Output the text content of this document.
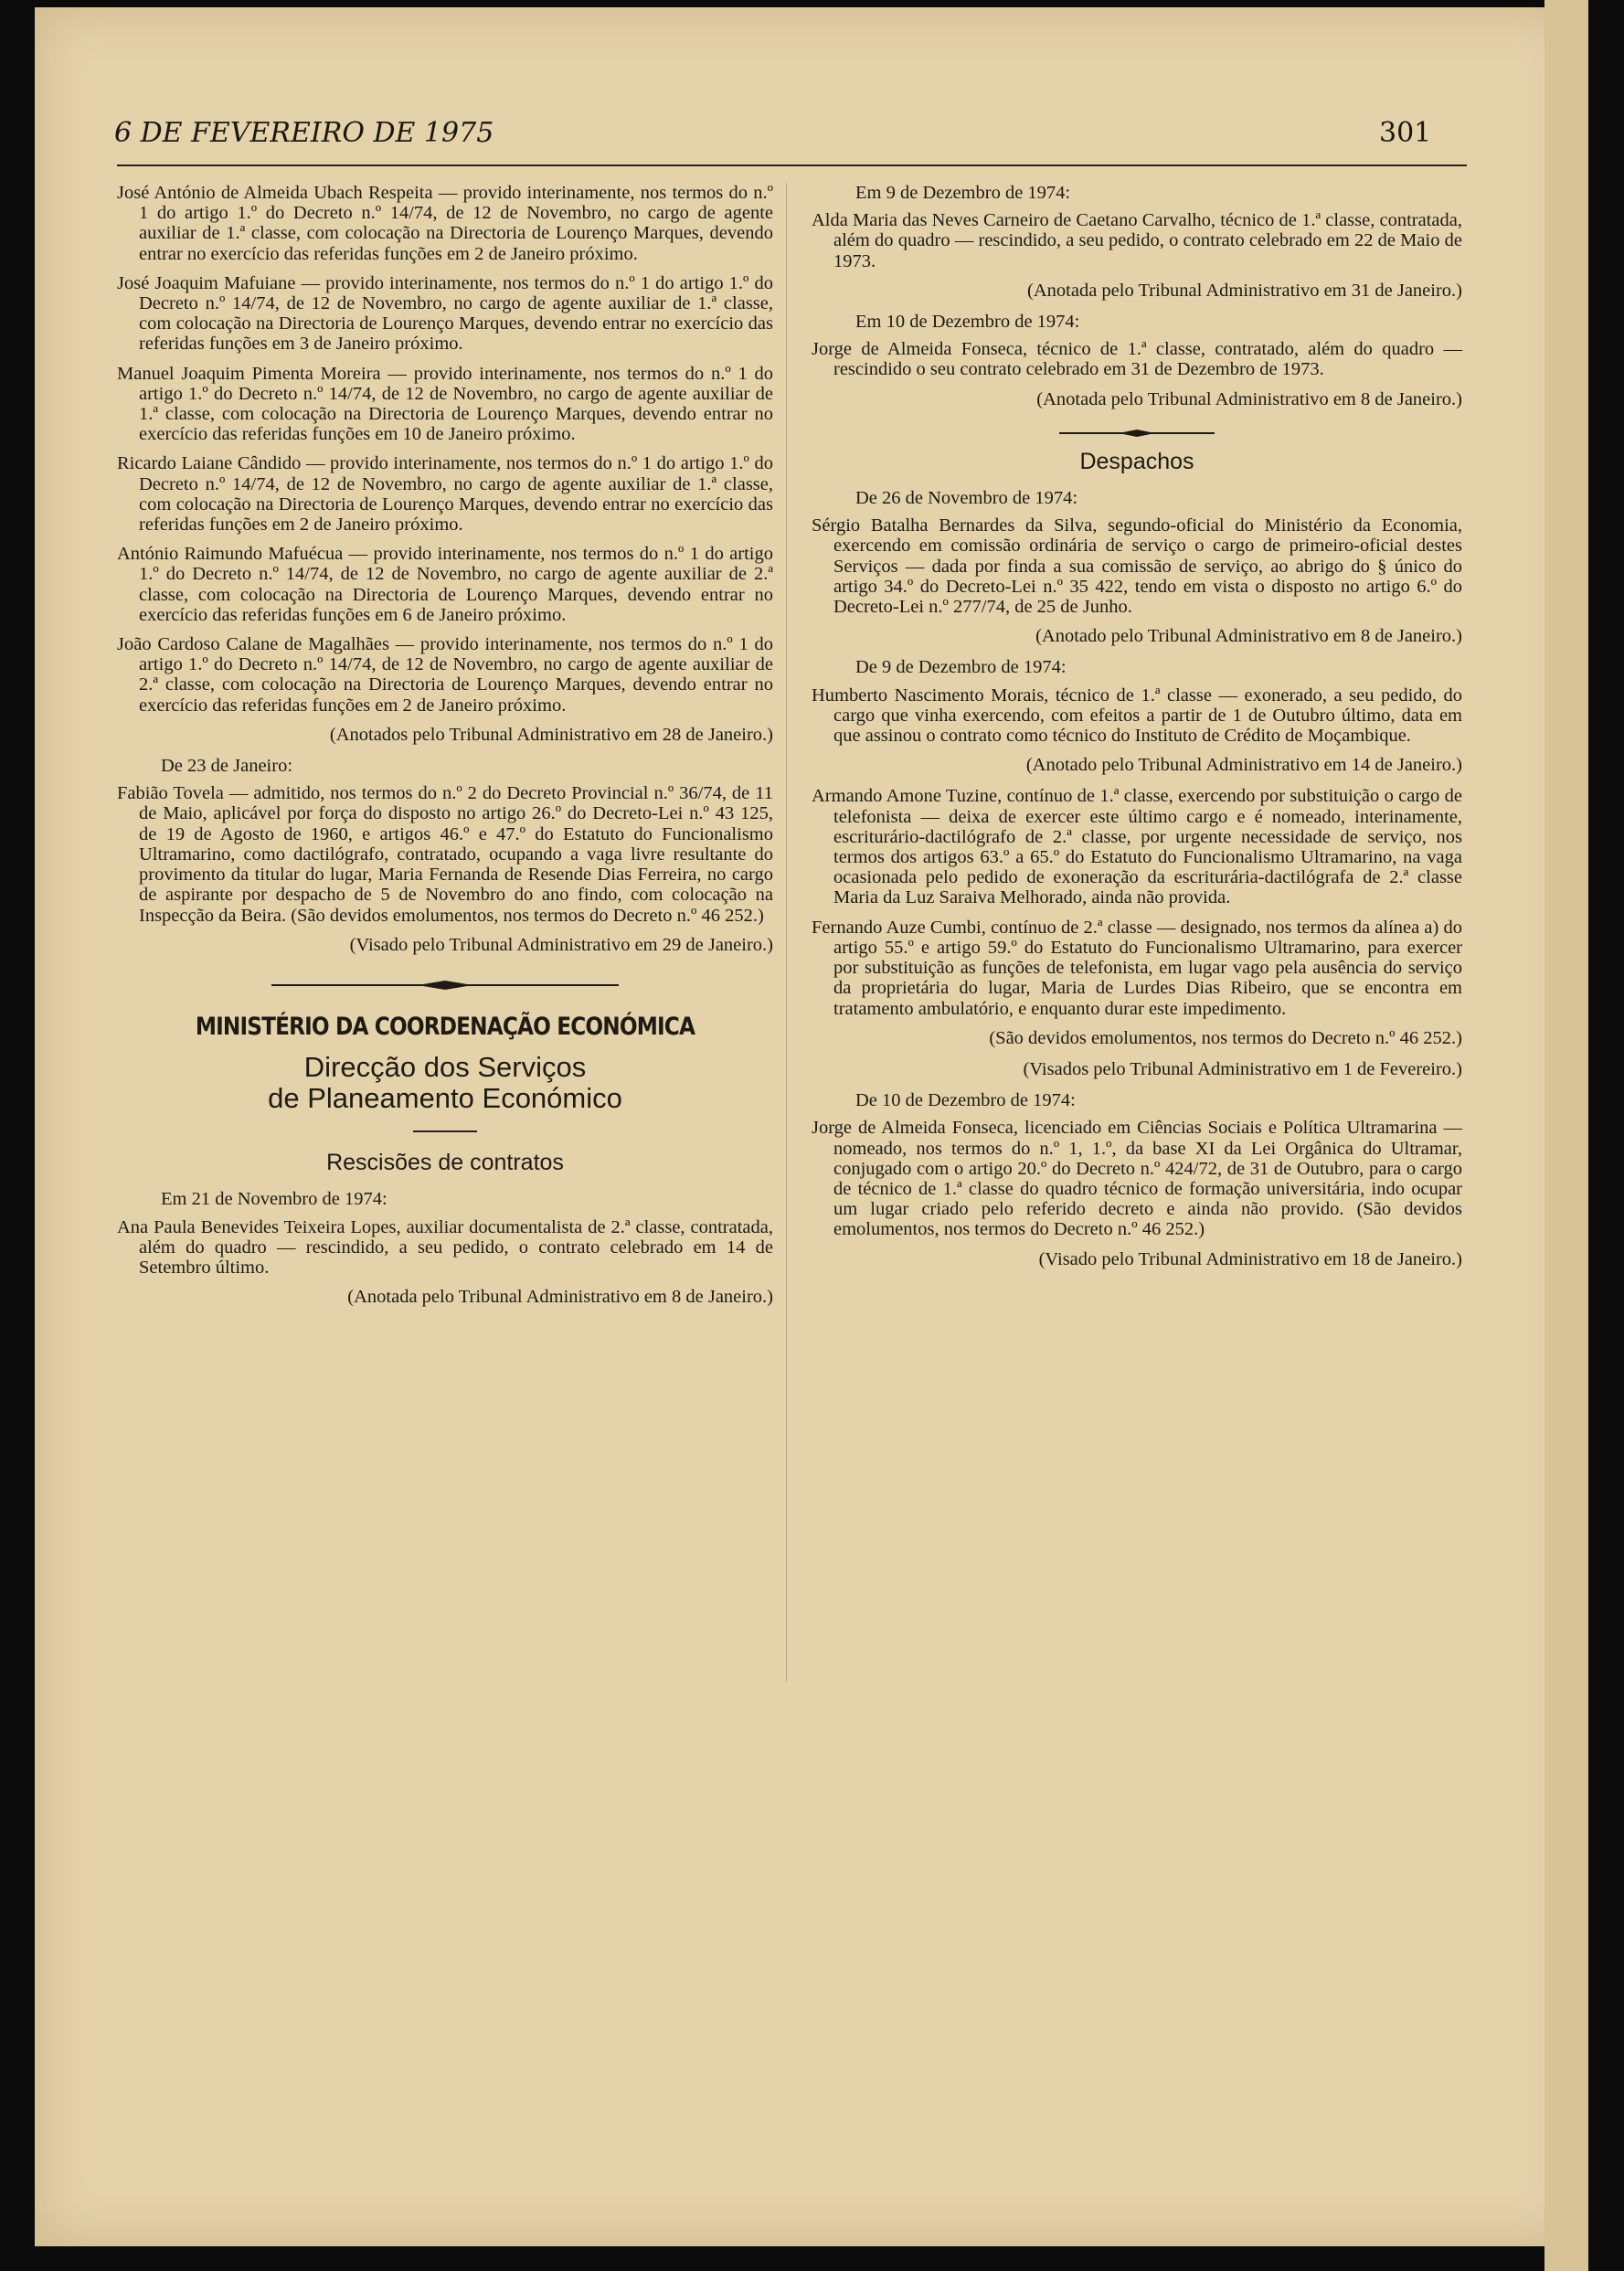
6 DE FEVEREIRO DE 1975	301

José António de Almeida Ubach Respeita — provido interinamente, nos termos do n.º 1 do artigo 1.º do Decreto n.º 14/74, de 12 de Novembro, no cargo de agente auxiliar de 1.ª classe, com colocação na Directoria de Lourenço Marques, devendo entrar no exercício das referidas funções em 2 de Janeiro próximo.

José Joaquim Mafuiane — provido interinamente, nos termos do n.º 1 do artigo 1.º do Decreto n.º 14/74, de 12 de Novembro, no cargo de agente auxiliar de 1.ª classe, com colocação na Directoria de Lourenço Marques, devendo entrar no exercício das referidas funções em 3 de Janeiro próximo.

Manuel Joaquim Pimenta Moreira — provido interinamente, nos termos do n.º 1 do artigo 1.º do Decreto n.º 14/74, de 12 de Novembro, no cargo de agente auxiliar de 1.ª classe, com colocação na Directoria de Lourenço Marques, devendo entrar no exercício das referidas funções em 10 de Janeiro próximo.

Ricardo Laiane Cândido — provido interinamente, nos termos do n.º 1 do artigo 1.º do Decreto n.º 14/74, de 12 de Novembro, no cargo de agente auxiliar de 1.ª classe, com colocação na Directoria de Lourenço Marques, devendo entrar no exercício das referidas funções em 2 de Janeiro próximo.

António Raimundo Mafuécua — provido interinamente, nos termos do n.º 1 do artigo 1.º do Decreto n.º 14/74, de 12 de Novembro, no cargo de agente auxiliar de 2.ª classe, com colocação na Directoria de Lourenço Marques, devendo entrar no exercício das referidas funções em 6 de Janeiro próximo.

João Cardoso Calane de Magalhães — provido interinamente, nos termos do n.º 1 do artigo 1.º do Decreto n.º 14/74, de 12 de Novembro, no cargo de agente auxiliar de 2.ª classe, com colocação na Directoria de Lourenço Marques, devendo entrar no exercício das referidas funções em 2 de Janeiro próximo.

(Anotados pelo Tribunal Administrativo em 28 de Janeiro.)

De 23 de Janeiro:

Fabião Tovela — admitido, nos termos do n.º 2 do Decreto Provincial n.º 36/74, de 11 de Maio, aplicável por força do disposto no artigo 26.º do Decreto-Lei n.º 43 125, de 19 de Agosto de 1960, e artigos 46.º e 47.º do Estatuto do Funcionalismo Ultramarino, como dactilógrafo, contratado, ocupando a vaga livre resultante do provimento da titular do lugar, Maria Fernanda de Resende Dias Ferreira, no cargo de aspirante por despacho de 5 de Novembro do ano findo, com colocação na Inspecção da Beira. (São devidos emolumentos, nos termos do Decreto n.º 46 252.)

(Visado pelo Tribunal Administrativo em 29 de Janeiro.)

MINISTÉRIO DA COORDENAÇÃO ECONÓMICA

Direcção dos Serviços

de Planeamento Económico

Rescisões de contratos

Em 21 de Novembro de 1974:

Ana Paula Benevides Teixeira Lopes, auxiliar documentalista de 2.ª classe, contratada, além do quadro — rescindido, a seu pedido, o contrato celebrado em 14 de Setembro último.

(Anotada pelo Tribunal Administrativo em 8 de Janeiro.)

Em 9 de Dezembro de 1974:

Alda Maria das Neves Carneiro de Caetano Carvalho, técnico de 1.ª classe, contratada, além do quadro — rescindido, a seu pedido, o contrato celebrado em 22 de Maio de 1973.

(Anotada pelo Tribunal Administrativo em 31 de Janeiro.)

Em 10 de Dezembro de 1974:

Jorge de Almeida Fonseca, técnico de 1.ª classe, contratado, além do quadro — rescindido o seu contrato celebrado em 31 de Dezembro de 1973.

(Anotada pelo Tribunal Administrativo em 8 de Janeiro.)

Despachos

De 26 de Novembro de 1974:

Sérgio Batalha Bernardes da Silva, segundo-oficial do Ministério da Economia, exercendo em comissão ordinária de serviço o cargo de primeiro-oficial destes Serviços — dada por finda a sua comissão de serviço, ao abrigo do § único do artigo 34.º do Decreto-Lei n.º 35 422, tendo em vista o disposto no artigo 6.º do Decreto-Lei n.º 277/74, de 25 de Junho.

(Anotado pelo Tribunal Administrativo em 8 de Janeiro.)

De 9 de Dezembro de 1974:

Humberto Nascimento Morais, técnico de 1.ª classe — exonerado, a seu pedido, do cargo que vinha exercendo, com efeitos a partir de 1 de Outubro último, data em que assinou o contrato como técnico do Instituto de Crédito de Moçambique.

(Anotado pelo Tribunal Administrativo em 14 de Janeiro.)

Armando Amone Tuzine, contínuo de 1.ª classe, exercendo por substituição o cargo de telefonista — deixa de exercer este último cargo e é nomeado, interinamente, escriturário-dactilógrafo de 2.ª classe, por urgente necessidade de serviço, nos termos dos artigos 63.º a 65.º do Estatuto do Funcionalismo Ultramarino, na vaga ocasionada pelo pedido de exoneração da escriturária-dactilógrafa de 2.ª classe Maria da Luz Saraiva Melhorado, ainda não provida.

Fernando Auze Cumbi, contínuo de 2.ª classe — designado, nos termos da alínea a) do artigo 55.º e artigo 59.º do Estatuto do Funcionalismo Ultramarino, para exercer por substituição as funções de telefonista, em lugar vago pela ausência do serviço da proprietária do lugar, Maria de Lurdes Dias Ribeiro, que se encontra em tratamento ambulatório, e enquanto durar este impedimento.

(São devidos emolumentos, nos termos do Decreto n.º 46 252.)

(Visados pelo Tribunal Administrativo em 1 de Fevereiro.)

De 10 de Dezembro de 1974:

Jorge de Almeida Fonseca, licenciado em Ciências Sociais e Política Ultramarina — nomeado, nos termos do n.º 1, 1.º, da base XI da Lei Orgânica do Ultramar, conjugado com o artigo 20.º do Decreto n.º 424/72, de 31 de Outubro, para o cargo de técnico de 1.ª classe do quadro técnico de formação universitária, indo ocupar um lugar criado pelo referido decreto e ainda não provido. (São devidos emolumentos, nos termos do Decreto n.º 46 252.)

(Visado pelo Tribunal Administrativo em 18 de Janeiro.)
